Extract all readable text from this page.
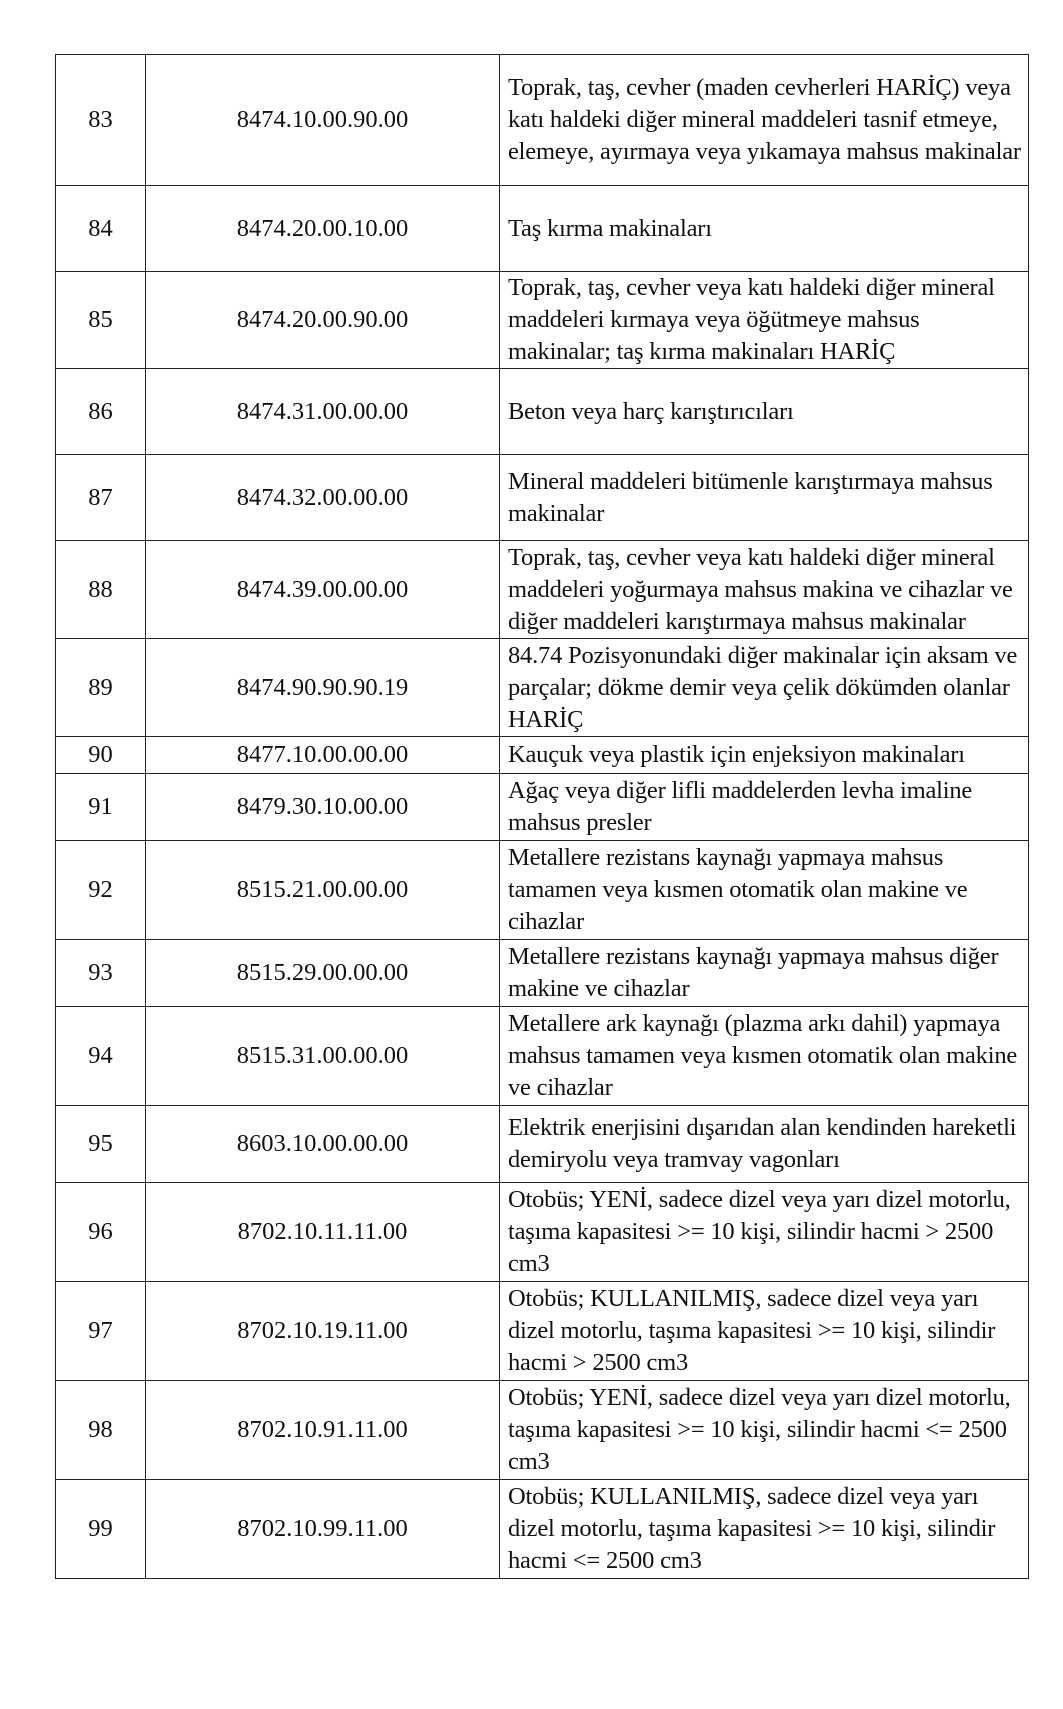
83	8474.10.00.90.00	Toprak, taş, cevher (maden cevherleri HARİÇ) veya katı haldeki diğer mineral maddeleri tasnif etmeye, elemeye, ayırmaya veya yıkamaya mahsus makinalar
84	8474.20.00.10.00	Taş kırma makinaları
85	8474.20.00.90.00	Toprak, taş, cevher veya katı haldeki diğer mineral maddeleri kırmaya veya öğütmeye mahsus makinalar; taş kırma makinaları HARİÇ
86	8474.31.00.00.00	Beton veya harç karıştırıcıları
87	8474.32.00.00.00	Mineral maddeleri bitümenle karıştırmaya mahsus makinalar
88	8474.39.00.00.00	Toprak, taş, cevher veya katı haldeki diğer mineral maddeleri yoğurmaya mahsus makina ve cihazlar ve diğer maddeleri karıştırmaya mahsus makinalar
89	8474.90.90.90.19	84.74 Pozisyonundaki diğer makinalar için aksam ve parçalar; dökme demir veya çelik dökümden olanlar HARİÇ
90	8477.10.00.00.00	Kauçuk veya plastik için enjeksiyon makinaları
91	8479.30.10.00.00	Ağaç veya diğer lifli maddelerden levha imaline mahsus presler
92	8515.21.00.00.00	Metallere rezistans kaynağı yapmaya mahsus tamamen veya kısmen otomatik olan makine ve cihazlar
93	8515.29.00.00.00	Metallere rezistans kaynağı yapmaya mahsus diğer makine ve cihazlar
94	8515.31.00.00.00	Metallere ark kaynağı (plazma arkı dahil) yapmaya mahsus tamamen veya kısmen otomatik olan makine ve cihazlar
95	8603.10.00.00.00	Elektrik enerjisini dışarıdan alan kendinden hareketli demiryolu veya tramvay vagonları
96	8702.10.11.11.00	Otobüs; YENİ, sadece dizel veya yarı dizel motorlu, taşıma kapasitesi >= 10 kişi, silindir hacmi > 2500 cm3
97	8702.10.19.11.00	Otobüs; KULLANILMIŞ, sadece dizel veya yarı dizel motorlu, taşıma kapasitesi >= 10 kişi, silindir hacmi > 2500 cm3
98	8702.10.91.11.00	Otobüs; YENİ, sadece dizel veya yarı dizel motorlu, taşıma kapasitesi >= 10 kişi, silindir hacmi <= 2500 cm3
99	8702.10.99.11.00	Otobüs; KULLANILMIŞ, sadece dizel veya yarı dizel motorlu, taşıma kapasitesi >= 10 kişi, silindir hacmi <= 2500 cm3
